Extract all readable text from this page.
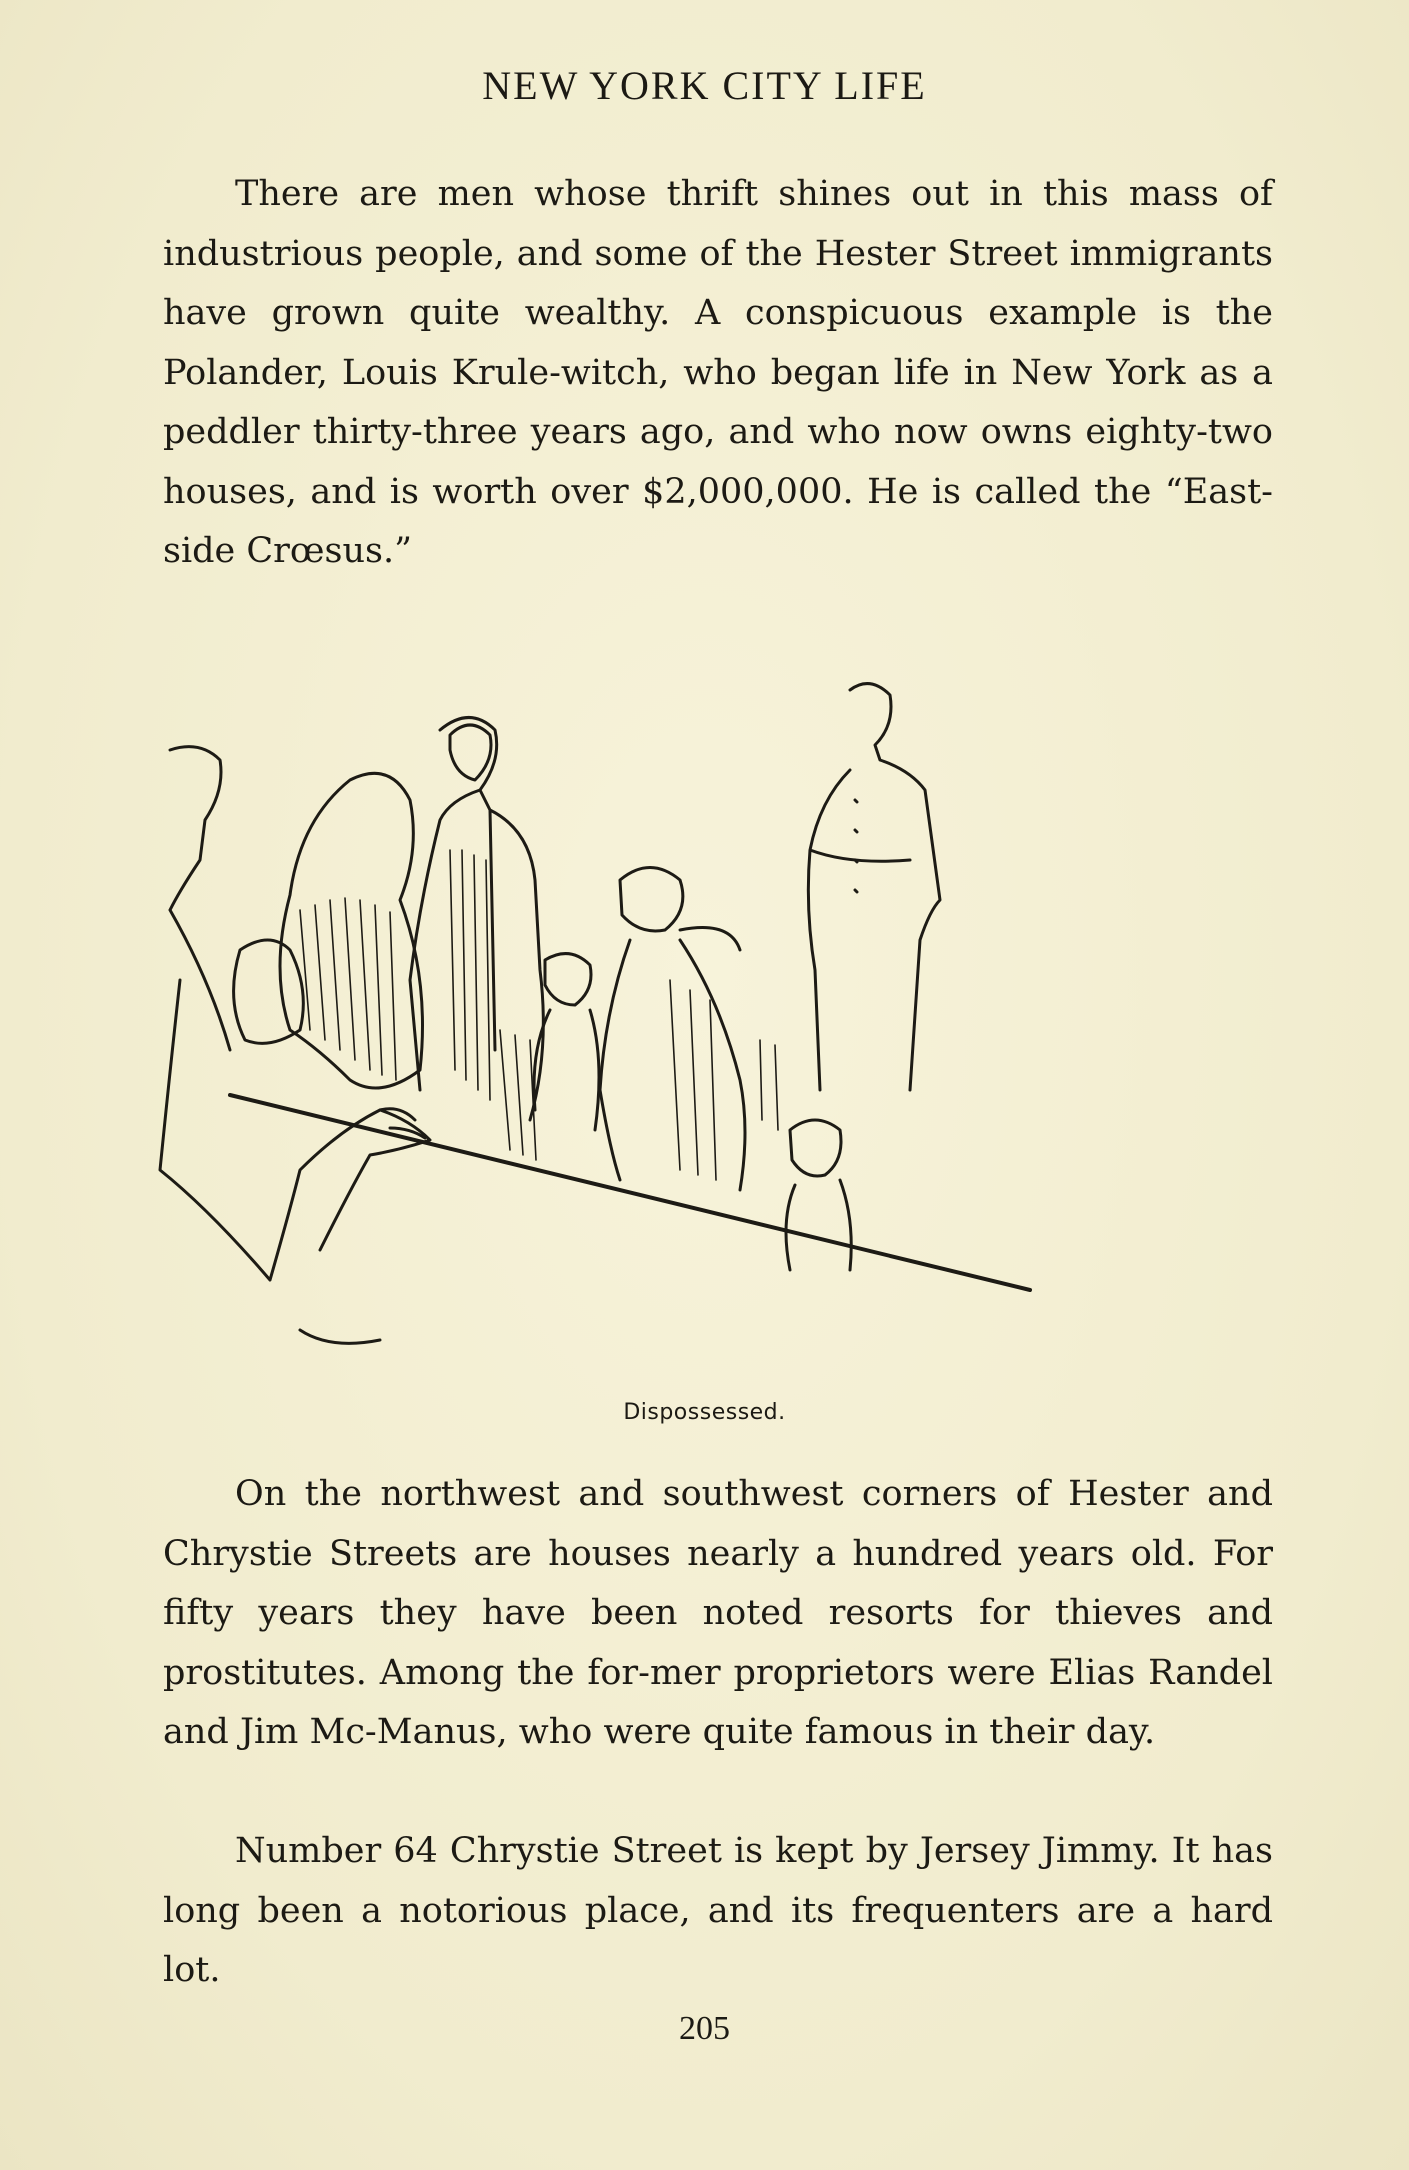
NEW YORK CITY LIFE

There are men whose thrift shines out in this mass of industrious people, and some of the Hester Street immigrants have grown quite wealthy. A conspicuous example is the Polander, Louis Krule-witch, who began life in New York as a peddler thirty-three years ago, and who now owns eighty-two houses, and is worth over $2,000,000. He is called the “East-side Crœsus.”

Dispossessed.

On the northwest and southwest corners of Hester and Chrystie Streets are houses nearly a hundred years old. For fifty years they have been noted resorts for thieves and prostitutes. Among the for-mer proprietors were Elias Randel and Jim Mc-Manus, who were quite famous in their day.

Number 64 Chrystie Street is kept by Jersey Jimmy. It has long been a notorious place, and its frequenters are a hard lot.

205
